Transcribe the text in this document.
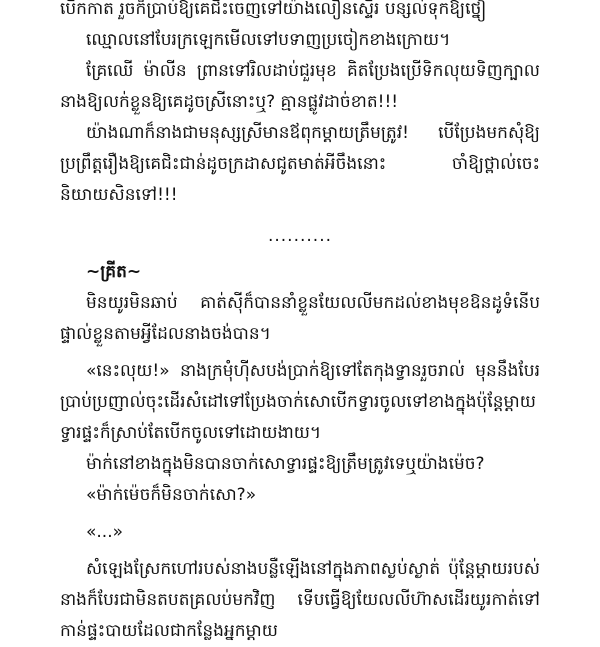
បើកកាត រួចក៏ប្រាប់ឱ្យគេជិះចេញទៅយ៉ាងលឿនស្ទើរ បន្សល់ទុកឱ្យថ្នៀ

ឈ្មោលនៅបែរក្រឡេកមើលទៅបទាញប្រចៀកខាងក្រោយ។

គ្រែឈើ ម៉ាលីន ព្រានទៅរិលដាប់ជួរមុខ គិតប្រែងប្រើទិកលុយទិញក្បាលនាងឱ្យលក់ខ្លួនឱ្យគេដូចស្រីនោះឬ? គ្មានផ្លូវដាច់ខាត!!!

យ៉ាងណាក៏នាងជាមនុស្សស្រីមានឪពុកម្ដាយត្រឹមត្រូវ! បើប្រែងមកសុំឱ្យប្រព្រឹត្តរឿងឱ្យគេជិះជាន់ដូចក្រដាសជូតមាត់អីចឹងនោះ ចាំឱ្យថ្ពាល់ចេះនិយាយសិនទៅ!!!

..........

~គ្រីត~

មិនយូរមិនឆាប់ គាត់ស៊ីក៏បាននាំខ្លួនយែលលីមកដល់ខាងមុខឱនដូទំនើបផ្ទាល់ខ្លួនតាមអ្វីដែលនាងចង់បាន។

«នេះលុយ!» នាងក្រមុំហ៊ីសបង់ប្រាក់ឱ្យទៅតែកុងទ្វានរួចរាល់ មុននឹងបែរប្រាប់ប្រញាល់ចុះដើរសំដៅទៅប្រែងចាក់សោបើកទ្វារចូលទៅខាងក្នុងប៉ុន្តែម្ដាយទ្វារផ្ទះក៏ស្រាប់តែបើកចូលទៅដោយងាយ។

ម៉ាក់នៅខាងក្នុងមិនបានចាក់សោទ្វារផ្ទះឱ្យត្រឹមត្រូវទេឬយ៉ាងម៉េច?

«ម៉ាក់ម៉េចក៏មិនចាក់សោ?»

«...»

សំឡេងស្រែកហៅរបស់នាងបន្លឺឡើងនៅក្នុងភាពស្ងប់ស្ងាត់ ប៉ុន្តែម្ដាយរបស់នាងក៏បែរជាមិនតបតគ្រលប់មកវិញ ទើបធ្វើឱ្យយែលលីហ៊ាសដើរយូរកាត់ទៅកាន់ផ្ទះបាយដែលជាកន្លែងអ្នកម្ដាយ
